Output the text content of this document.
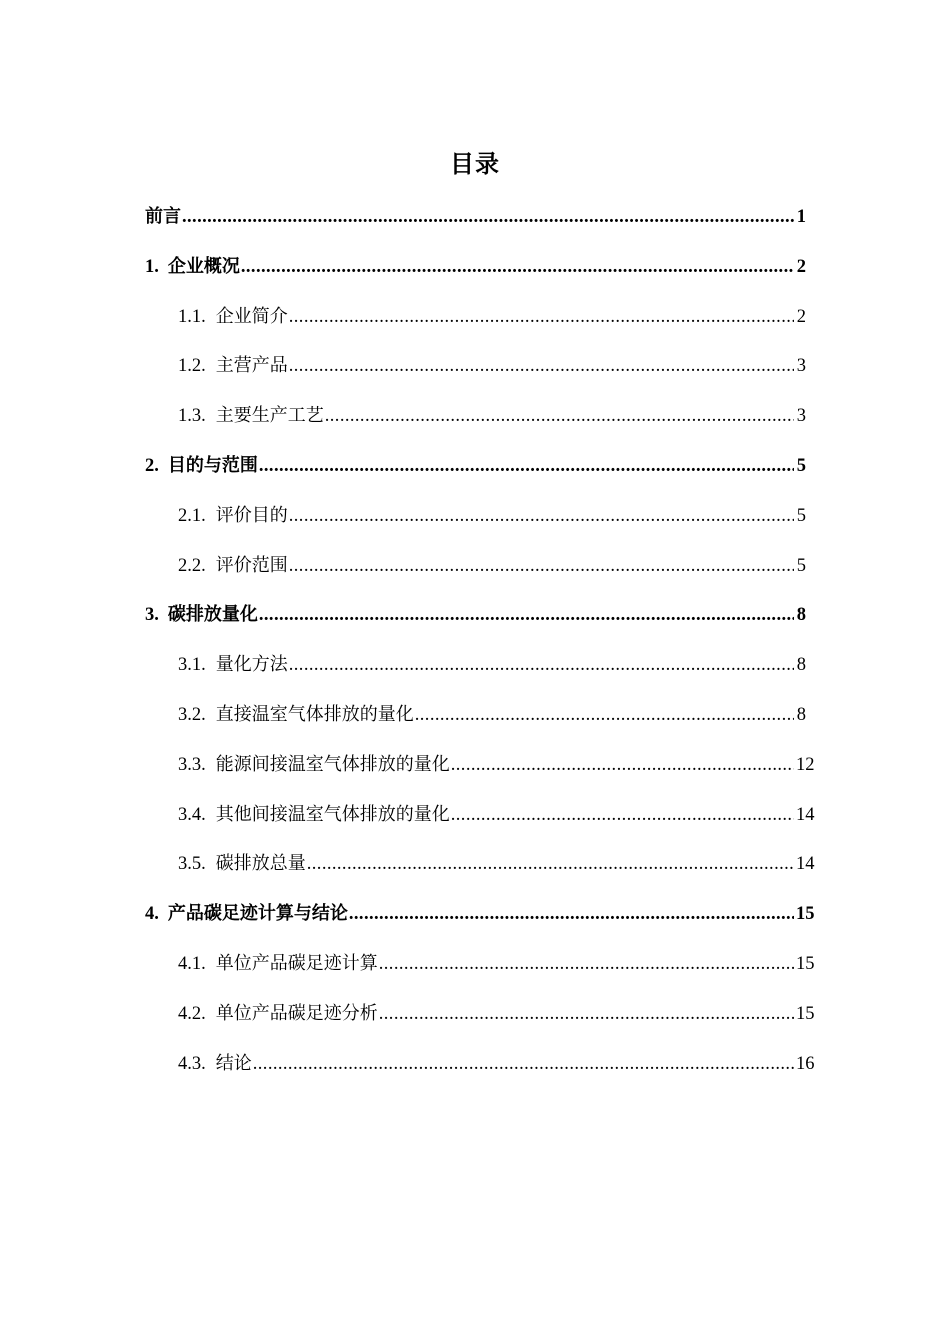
目录
前言 .....	1
1. 企业概况 .....	2
1.1. 企业简介 .....	2
1.2. 主营产品 .....	3
1.3. 主要生产工艺 .....	3
2. 目的与范围 .....	5
2.1. 评价目的 .....	5
2.2. 评价范围 .....	5
3. 碳排放量化 .....	8
3.1. 量化方法 .....	8
3.2. 直接温室气体排放的量化 .....	8
3.3. 能源间接温室气体排放的量化 .....	12
3.4. 其他间接温室气体排放的量化 .....	14
3.5. 碳排放总量 .....	14
4. 产品碳足迹计算与结论 .....	15
4.1. 单位产品碳足迹计算 .....	15
4.2. 单位产品碳足迹分析 .....	15
4.3. 结论 .....	16
